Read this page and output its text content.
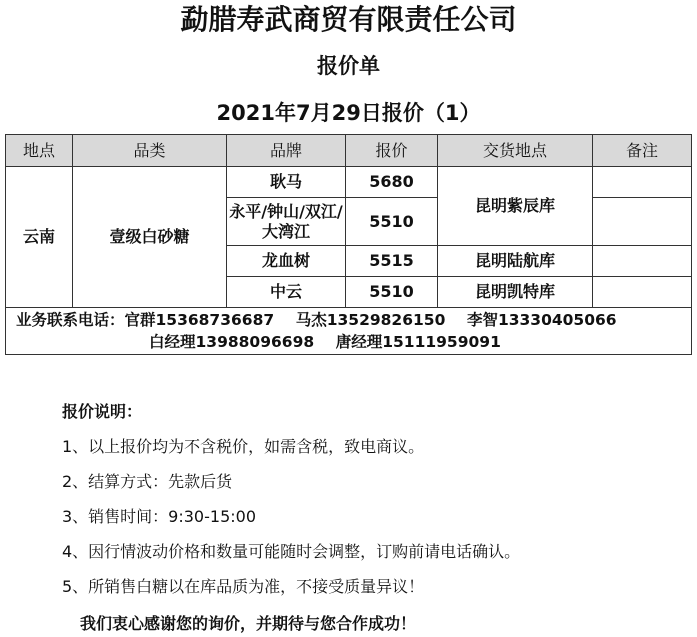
勐腊寿武商贸有限责任公司
报价单
2021年7月29日报价（1）
地点	品类	品牌	报价	交货地点	备注
云南	壹级白砂糖	耿马	5680	昆明紫辰库	
		永平/钟山/双江/大湾江	5510		
		龙血树	5515	昆明陆航库	
		中云	5510	昆明凯特库	
业务联系电话：官群15368736687    马杰13529826150    李智13330405066
白经理13988096698    唐经理15111959091					
报价说明：
1、以上报价均为不含税价，如需含税，致电商议。
2、结算方式：先款后货
3、销售时间：9:30-15:00
4、因行情波动价格和数量可能随时会调整，订购前请电话确认。
5、所销售白糖以在库品质为准，不接受质量异议！
我们衷心感谢您的询价，并期待与您合作成功！
